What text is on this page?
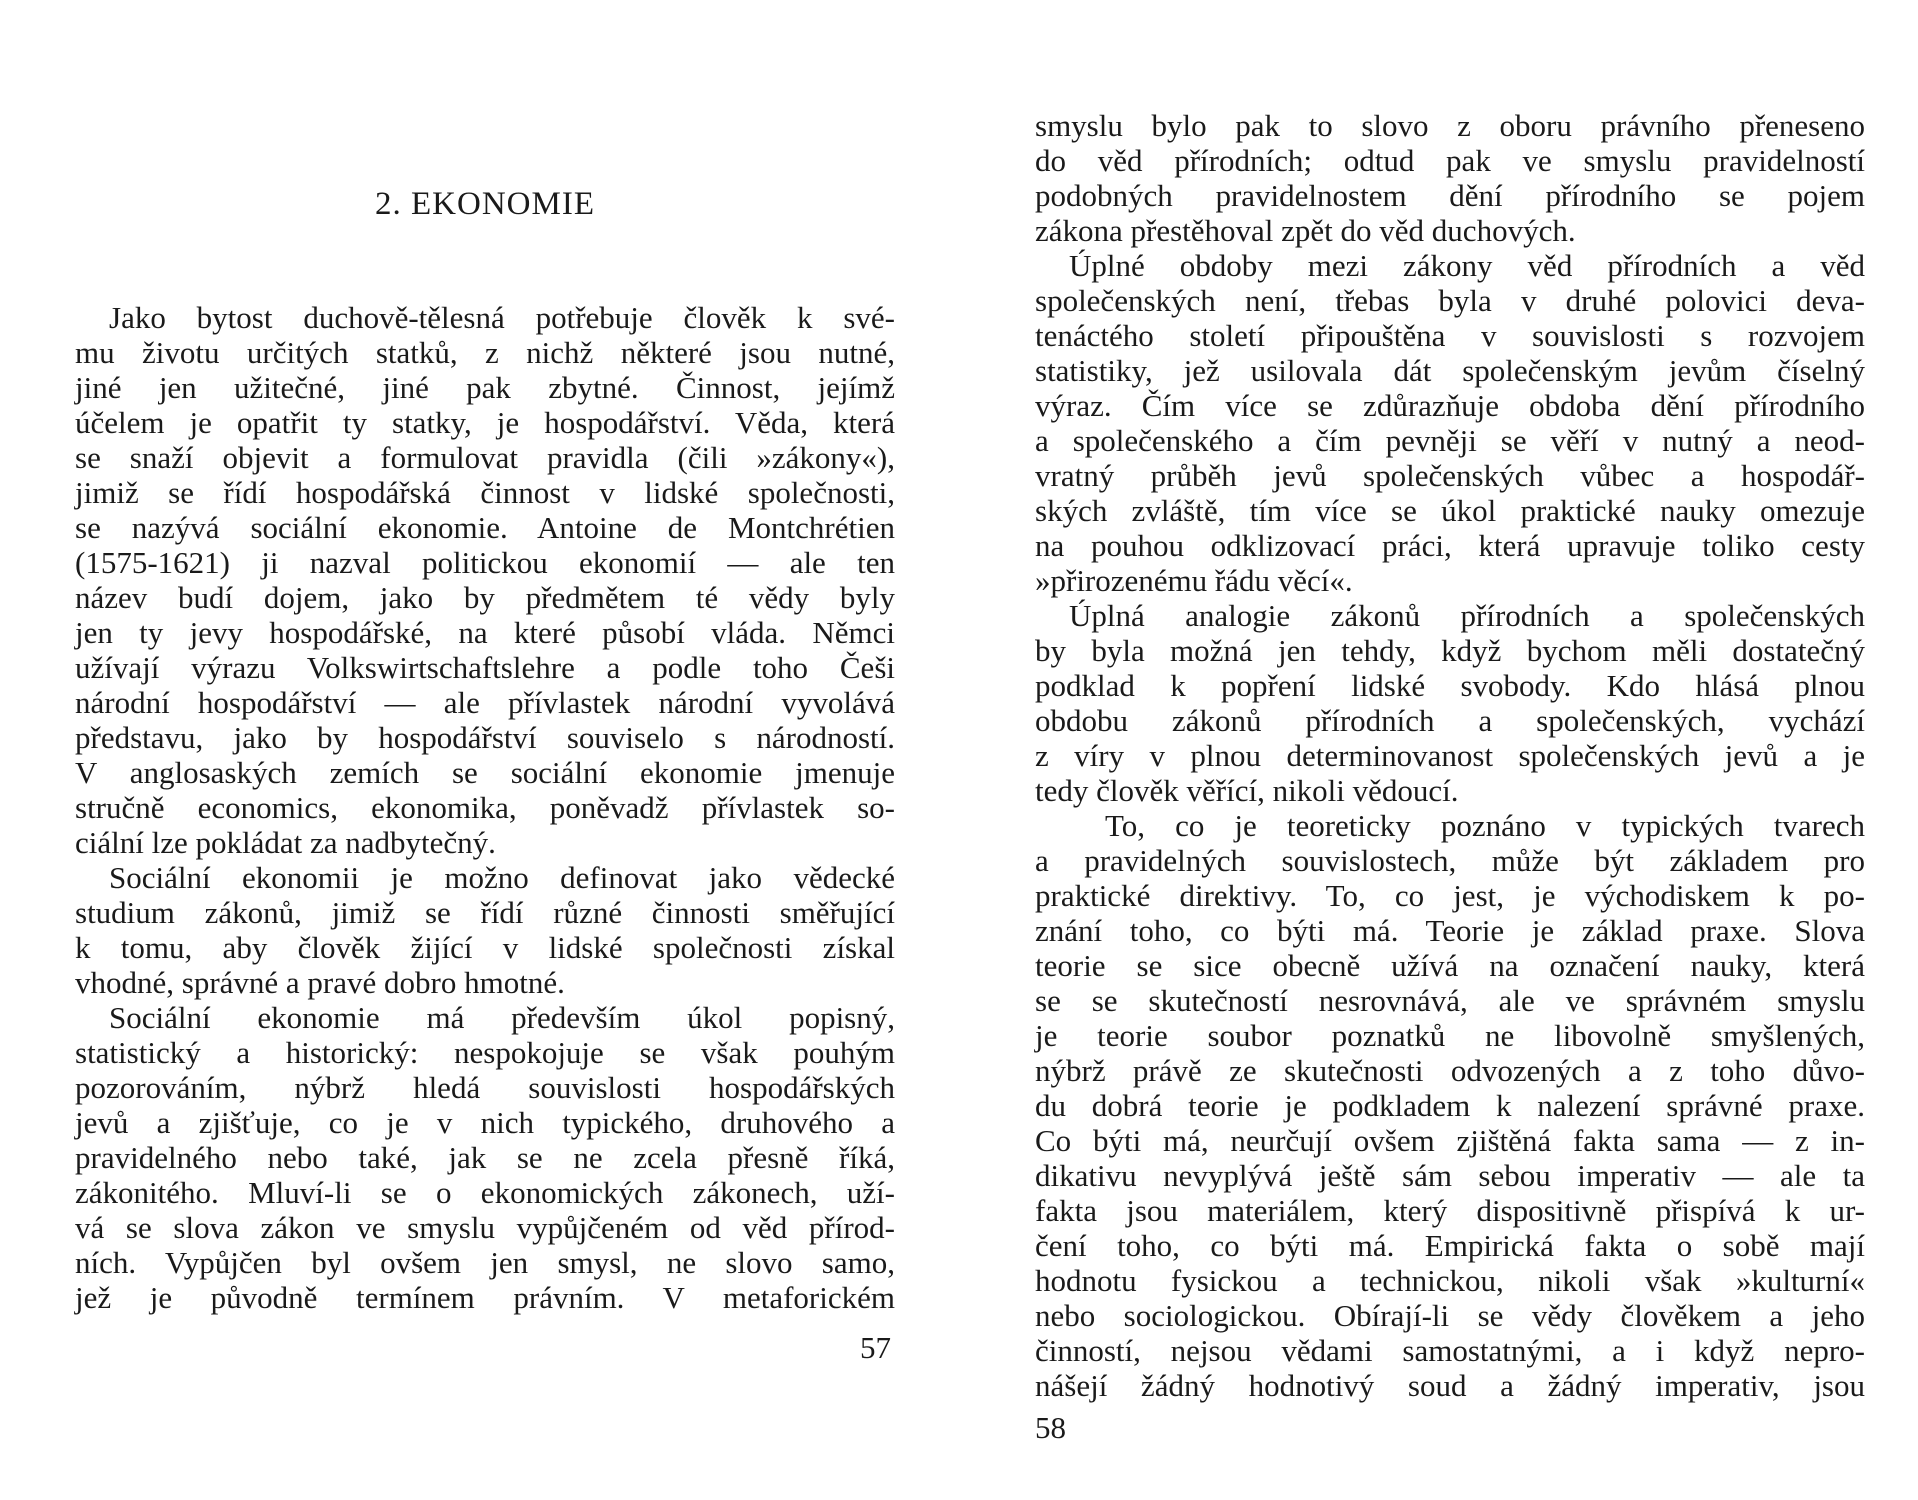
2. EKONOMIE
Jako bytost duchově-tělesná potřebuje člověk k své-
mu životu určitých statků, z nichž některé jsou nutné,
jiné jen užitečné, jiné pak zbytné. Činnost, jejímž
účelem je opatřit ty statky, je hospodářství. Věda, která
se snaží objevit a formulovat pravidla (čili »zákony«),
jimiž se řídí hospodářská činnost v lidské společnosti,
se nazývá sociální ekonomie. Antoine de Montchrétien
(1575-1621) ji nazval politickou ekonomií — ale ten
název budí dojem, jako by předmětem té vědy byly
jen ty jevy hospodářské, na které působí vláda. Němci
užívají výrazu Volkswirtschaftslehre a podle toho Češi
národní hospodářství — ale přívlastek národní vyvolává
představu, jako by hospodářství souviselo s národností.
V anglosaských zemích se sociální ekonomie jmenuje
stručně economics, ekonomika, poněvadž přívlastek so-
ciální lze pokládat za nadbytečný.
Sociální ekonomii je možno definovat jako vědecké
studium zákonů, jimiž se řídí různé činnosti směřující
k tomu, aby člověk žijící v lidské společnosti získal
vhodné, správné a pravé dobro hmotné.
Sociální ekonomie má především úkol popisný,
statistický a historický: nespokojuje se však pouhým
pozorováním, nýbrž hledá souvislosti hospodářských
jevů a zjišťuje, co je v nich typického, druhového a
pravidelného nebo také, jak se ne zcela přesně říká,
zákonitého. Mluví-li se o ekonomických zákonech, uží-
vá se slova zákon ve smyslu vypůjčeném od věd přírod-
ních. Vypůjčen byl ovšem jen smysl, ne slovo samo,
jež je původně termínem právním. V metaforickém
57
smyslu bylo pak to slovo z oboru právního přeneseno
do věd přírodních; odtud pak ve smyslu pravidelností
podobných pravidelnostem dění přírodního se pojem
zákona přestěhoval zpět do věd duchových.
Úplné obdoby mezi zákony věd přírodních a věd
společenských není, třebas byla v druhé polovici deva-
tenáctého století připouštěna v souvislosti s rozvojem
statistiky, jež usilovala dát společenským jevům číselný
výraz. Čím více se zdůrazňuje obdoba dění přírodního
a společenského a čím pevněji se věří v nutný a neod-
vratný průběh jevů společenských vůbec a hospodář-
ských zvláště, tím více se úkol praktické nauky omezuje
na pouhou odklizovací práci, která upravuje toliko cesty
»přirozenému řádu věcí«.
Úplná analogie zákonů přírodních a společenských
by byla možná jen tehdy, když bychom měli dostatečný
podklad k popření lidské svobody. Kdo hlásá plnou
obdobu zákonů přírodních a společenských, vychází
z víry v plnou determinovanost společenských jevů a je
tedy člověk věřící, nikoli vědoucí.
To, co je teoreticky poznáno v typických tvarech
a pravidelných souvislostech, může být základem pro
praktické direktivy. To, co jest, je východiskem k po-
znání toho, co býti má. Teorie je základ praxe. Slova
teorie se sice obecně užívá na označení nauky, která
se se skutečností nesrovnává, ale ve správném smyslu
je teorie soubor poznatků ne libovolně smyšlených,
nýbrž právě ze skutečnosti odvozených a z toho důvo-
du dobrá teorie je podkladem k nalezení správné praxe.
Co býti má, neurčují ovšem zjištěná fakta sama — z in-
dikativu nevyplývá ještě sám sebou imperativ — ale ta
fakta jsou materiálem, který dispositivně přispívá k ur-
čení toho, co býti má. Empirická fakta o sobě mají
hodnotu fysickou a technickou, nikoli však »kulturní«
nebo sociologickou. Obírají-li se vědy člověkem a jeho
činností, nejsou vědami samostatnými, a i když nepro-
nášejí žádný hodnotivý soud a žádný imperativ, jsou
58
